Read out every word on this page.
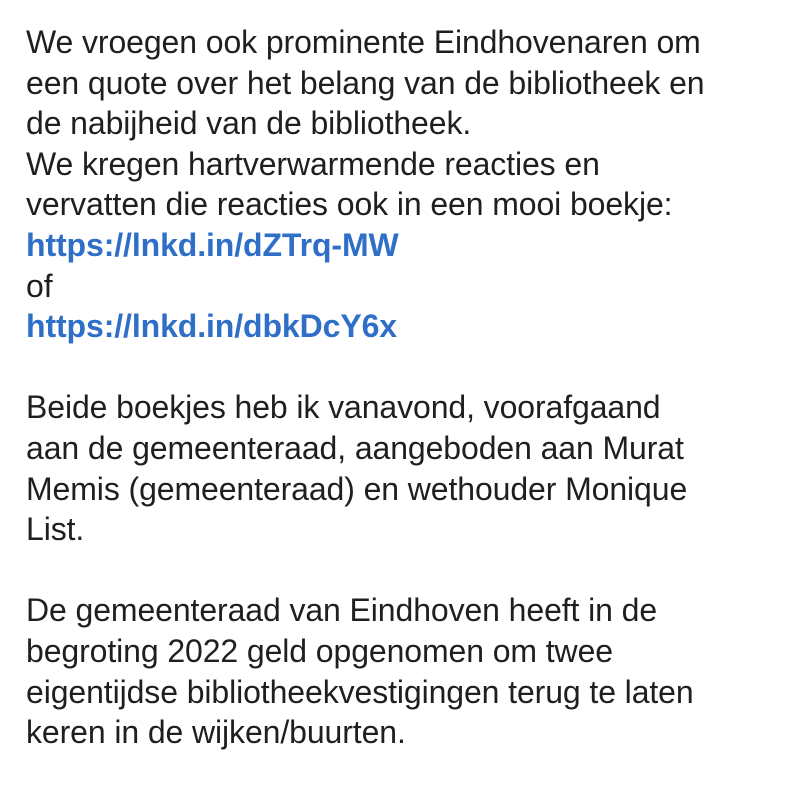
We vroegen ook prominente Eindhovenaren om
een quote over het belang van de bibliotheek en
de nabijheid van de bibliotheek.
We kregen hartverwarmende reacties en
vervatten die reacties ook in een mooi boekje:
https://lnkd.in/dZTrq-MW
of
https://lnkd.in/dbkDcY6x
Beide boekjes heb ik vanavond, voorafgaand
aan de gemeenteraad, aangeboden aan Murat
Memis (gemeenteraad) en wethouder Monique
List.
De gemeenteraad van Eindhoven heeft in de
begroting 2022 geld opgenomen om twee
eigentijdse bibliotheekvestigingen terug te laten
keren in de wijken/buurten.
